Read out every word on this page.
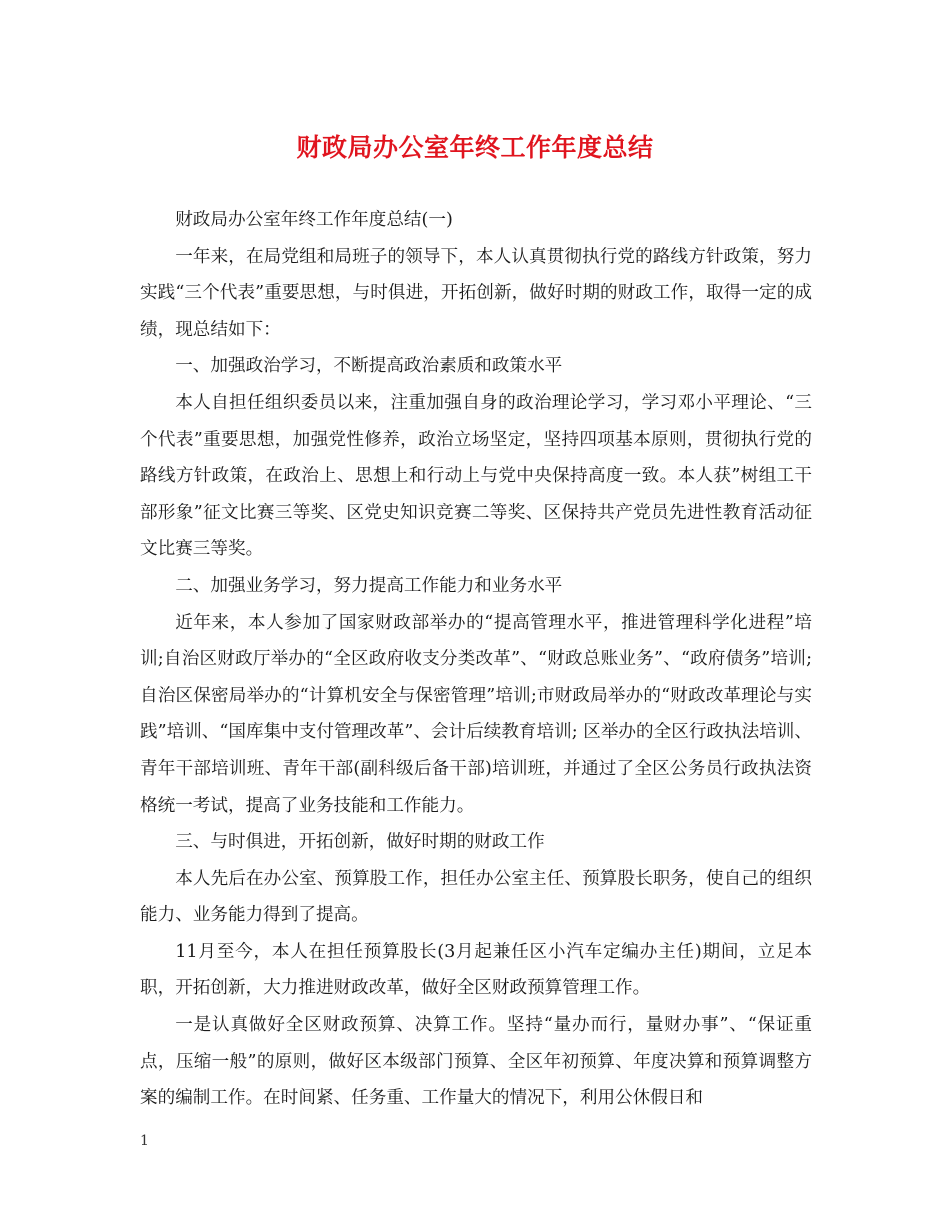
财政局办公室年终工作年度总结

财政局办公室年终工作年度总结(一)

一年来，在局党组和局班子的领导下，本人认真贯彻执行党的路线方针政策，努力实践“三个代表”重要思想，与时俱进，开拓创新，做好时期的财政工作，取得一定的成绩，现总结如下：

一、加强政治学习，不断提高政治素质和政策水平

本人自担任组织委员以来，注重加强自身的政治理论学习，学习邓小平理论、“三个代表”重要思想，加强党性修养，政治立场坚定，坚持四项基本原则，贯彻执行党的路线方针政策，在政治上、思想上和行动上与党中央保持高度一致。本人获”树组工干部形象”征文比赛三等奖、区党史知识竞赛二等奖、区保持共产党员先进性教育活动征文比赛三等奖。

二、加强业务学习，努力提高工作能力和业务水平

近年来，本人参加了国家财政部举办的“提高管理水平，推进管理科学化进程”培训;自治区财政厅举办的“全区政府收支分类改革”、“财政总账业务”、“政府债务”培训;自治区保密局举办的“计算机安全与保密管理”培训;市财政局举办的“财政改革理论与实践”培训、“国库集中支付管理改革”、会计后续教育培训; 区举办的全区行政执法培训、青年干部培训班、青年干部(副科级后备干部)培训班，并通过了全区公务员行政执法资格统一考试，提高了业务技能和工作能力。

三、与时俱进，开拓创新，做好时期的财政工作

本人先后在办公室、预算股工作，担任办公室主任、预算股长职务，使自己的组织能力、业务能力得到了提高。

11月至今，本人在担任预算股长(3月起兼任区小汽车定编办主任)期间，立足本职，开拓创新，大力推进财政改革，做好全区财政预算管理工作。

一是认真做好全区财政预算、决算工作。坚持“量办而行，量财办事”、“保证重点，压缩一般”的原则，做好区本级部门预算、全区年初预算、年度决算和预算调整方案的编制工作。在时间紧、任务重、工作量大的情况下，利用公休假日和

1
